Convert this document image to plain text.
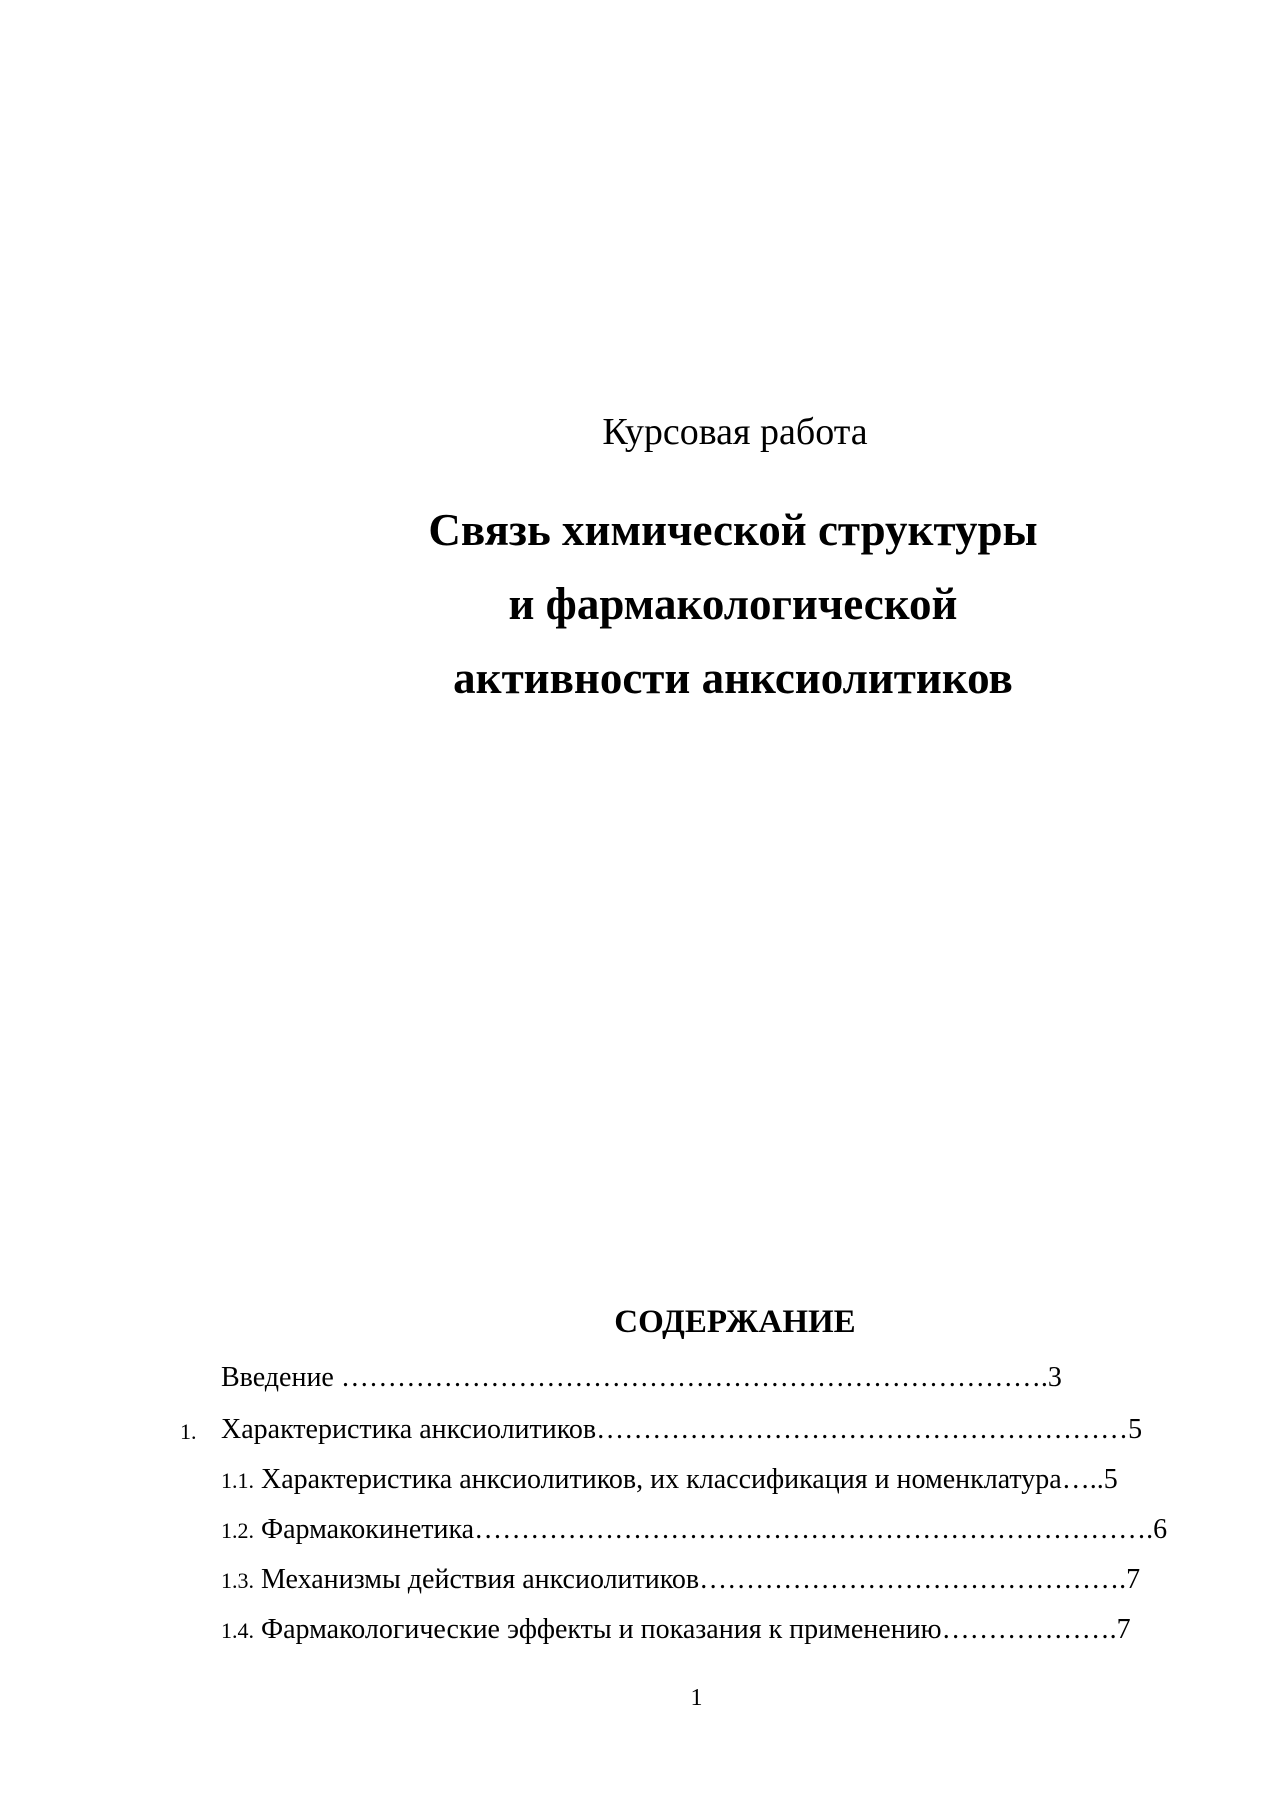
Курсовая работа
Связь химической структуры
и фармакологической
активности анксиолитиков
СОДЕРЖАНИЕ
Введение ………………………………………………………………….3
1. Характеристика анксиолитиков…………………………………………………5
1.1. Характеристика анксиолитиков, их классификация и номенклатура…..5
1.2. Фармакокинетика……………………………………………………………….6
1.3. Механизмы действия анксиолитиков……………………………………….7
1.4. Фармакологические эффекты и показания к применению……………….7
1
